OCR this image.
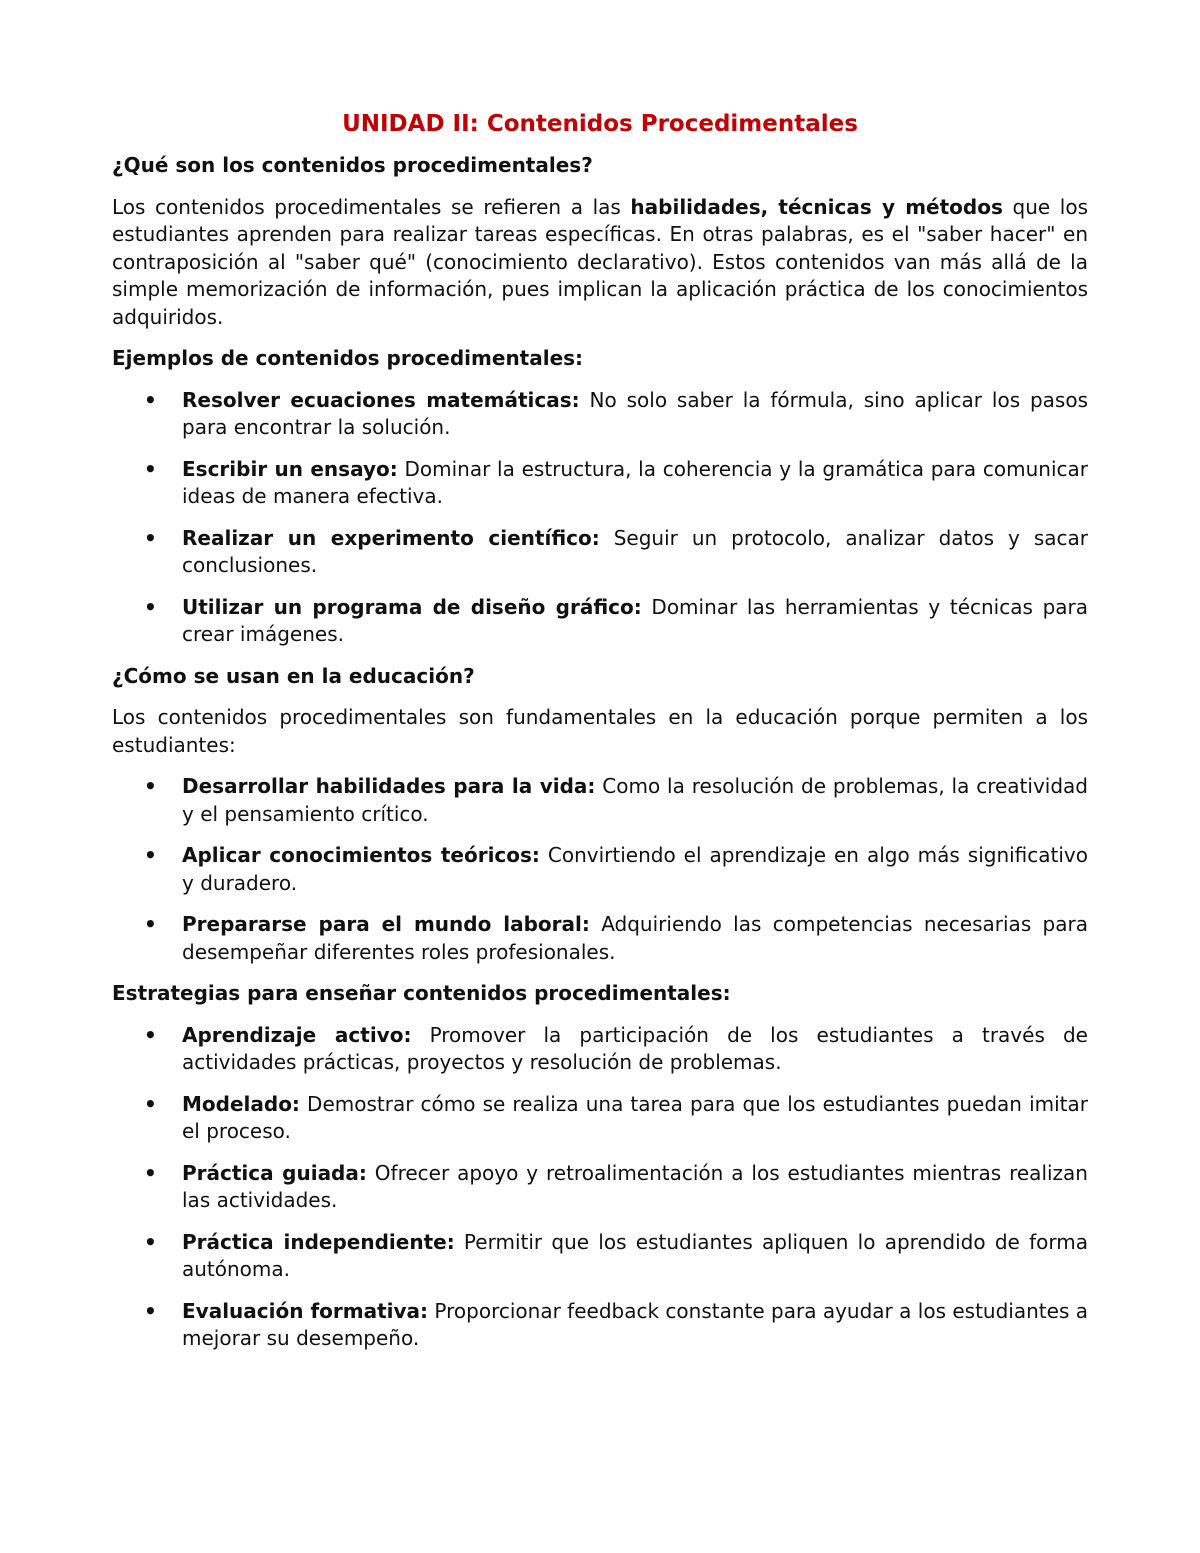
UNIDAD II: Contenidos Procedimentales
¿Qué son los contenidos procedimentales?

Los contenidos procedimentales se refieren a las habilidades, técnicas y métodos que los estudiantes aprenden para realizar tareas específicas. En otras palabras, es el "saber hacer" en contraposición al "saber qué" (conocimiento declarativo). Estos contenidos van más allá de la simple memorización de información, pues implican la aplicación práctica de los conocimientos adquiridos.

Ejemplos de contenidos procedimentales:
• Resolver ecuaciones matemáticas: No solo saber la fórmula, sino aplicar los pasos para encontrar la solución.
• Escribir un ensayo: Dominar la estructura, la coherencia y la gramática para comunicar ideas de manera efectiva.
• Realizar un experimento científico: Seguir un protocolo, analizar datos y sacar conclusiones.
• Utilizar un programa de diseño gráfico: Dominar las herramientas y técnicas para crear imágenes.
¿Cómo se usan en la educación?

Los contenidos procedimentales son fundamentales en la educación porque permiten a los estudiantes:

• Desarrollar habilidades para la vida: Como la resolución de problemas, la creatividad y el pensamiento crítico.
• Aplicar conocimientos teóricos: Convirtiendo el aprendizaje en algo más significativo y duradero.
• Prepararse para el mundo laboral: Adquiriendo las competencias necesarias para desempeñar diferentes roles profesionales.
Estrategias para enseñar contenidos procedimentales:
• Aprendizaje activo: Promover la participación de los estudiantes a través de actividades prácticas, proyectos y resolución de problemas.
• Modelado: Demostrar cómo se realiza una tarea para que los estudiantes puedan imitar el proceso.
• Práctica guiada: Ofrecer apoyo y retroalimentación a los estudiantes mientras realizan las actividades.
• Práctica independiente: Permitir que los estudiantes apliquen lo aprendido de forma autónoma.
• Evaluación formativa: Proporcionar feedback constante para ayudar a los estudiantes a mejorar su desempeño.
